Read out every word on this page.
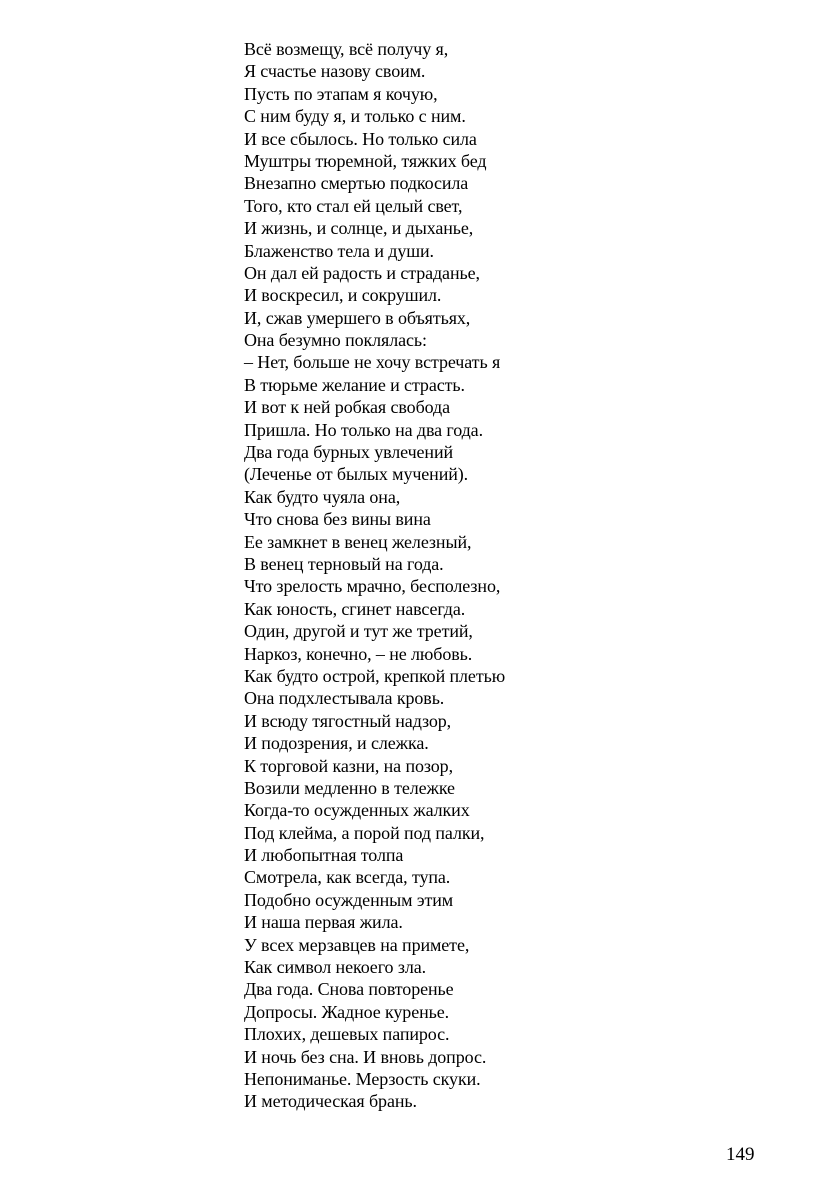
Всё возмещу, всё получу я,
Я счастье назову своим.
Пусть по этапам я кочую,
С ним буду я, и только с ним.
И все сбылось. Но только сила
Муштры тюремной, тяжких бед
Внезапно смертью подкосила
Того, кто стал ей целый свет,
И жизнь, и солнце, и дыханье,
Блаженство тела и души.
Он дал ей радость и страданье,
И воскресил, и сокрушил.
И, сжав умершего в объятьях,
Она безумно поклялась:
– Нет, больше не хочу встречать я
В тюрьме желание и страсть.
И вот к ней робкая свобода
Пришла. Но только на два года.
Два года бурных увлечений
(Леченье от былых мучений).
Как будто чуяла она,
Что снова без вины вина
Ее замкнет в венец железный,
В венец терновый на года.
Что зрелость мрачно, бесполезно,
Как юность, сгинет навсегда.
Один, другой и тут же третий,
Наркоз, конечно, – не любовь.
Как будто острой, крепкой плетью
Она подхлестывала кровь.
И всюду тягостный надзор,
И подозрения, и слежка.
К торговой казни, на позор,
Возили медленно в тележке
Когда-то осужденных жалких
Под клейма, а порой под палки,
И любопытная толпа
Смотрела, как всегда, тупа.
Подобно осужденным этим
И наша первая жила.
У всех мерзавцев на примете,
Как символ некоего зла.
Два года. Снова повторенье
Допросы. Жадное куренье.
Плохих, дешевых папирос.
И ночь без сна. И вновь допрос.
Непониманье. Мерзость скуки.
И методическая брань.
149
